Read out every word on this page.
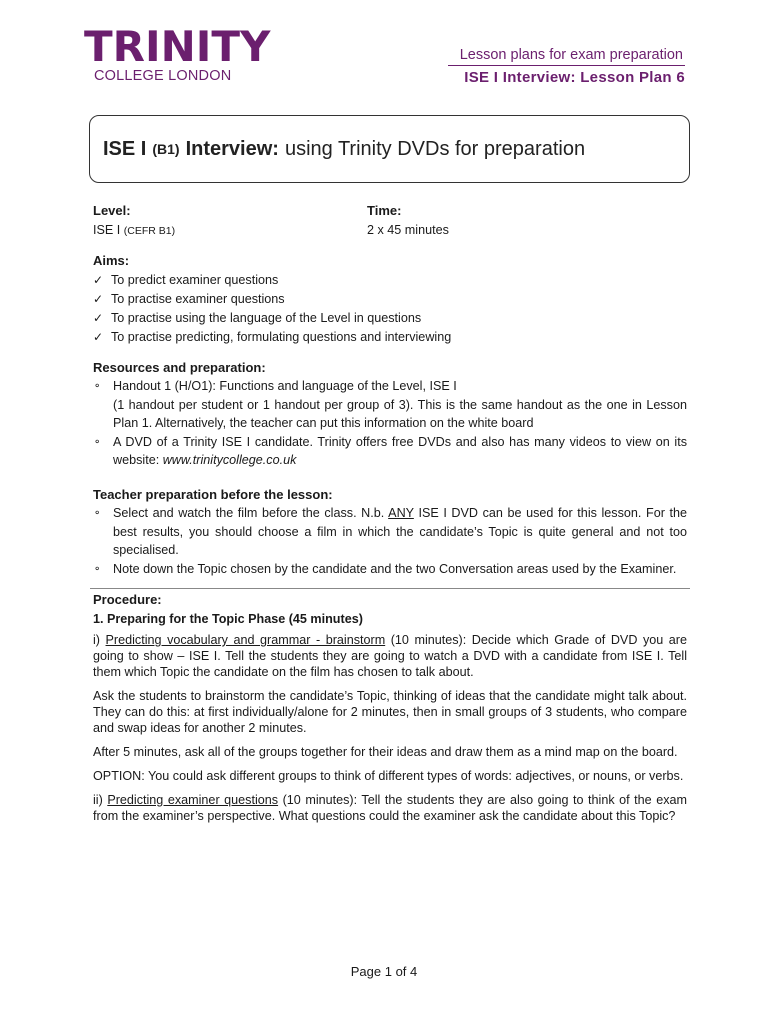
TRINITY
COLLEGE LONDON
Lesson plans for exam preparation
ISE I Interview: Lesson Plan 6
ISE I (B1) Interview: using Trinity DVDs for preparation
Level:
ISE I (CEFR B1)
Time:
2 x 45 minutes
Aims:
✓ To predict examiner questions
✓ To practise examiner questions
✓ To practise using the language of the Level in questions
✓ To practise predicting, formulating questions and interviewing
Resources and preparation:
⚬ Handout 1 (H/O1): Functions and language of the Level, ISE I
(1 handout per student or 1 handout per group of 3). This is the same handout as the one in Lesson Plan 1. Alternatively, the teacher can put this information on the white board
⚬ A DVD of a Trinity ISE I candidate. Trinity offers free DVDs and also has many videos to view on its website: www.trinitycollege.co.uk
Teacher preparation before the lesson:
⚬ Select and watch the film before the class. N.b. ANY ISE I DVD can be used for this lesson. For the best results, you should choose a film in which the candidate’s Topic is quite general and not too specialised.
⚬ Note down the Topic chosen by the candidate and the two Conversation areas used by the Examiner.
Procedure:
1. Preparing for the Topic Phase (45 minutes)
i) Predicting vocabulary and grammar - brainstorm (10 minutes): Decide which Grade of DVD you are going to show – ISE I. Tell the students they are going to watch a DVD with a candidate from ISE I. Tell them which Topic the candidate on the film has chosen to talk about.
Ask the students to brainstorm the candidate’s Topic, thinking of ideas that the candidate might talk about. They can do this: at first individually/alone for 2 minutes, then in small groups of 3 students, who compare and swap ideas for another 2 minutes.
After 5 minutes, ask all of the groups together for their ideas and draw them as a mind map on the board.
OPTION: You could ask different groups to think of different types of words: adjectives, or nouns, or verbs.
ii) Predicting examiner questions (10 minutes): Tell the students they are also going to think of the exam from the examiner’s perspective. What questions could the examiner ask the candidate about this Topic?
Page 1 of 4
